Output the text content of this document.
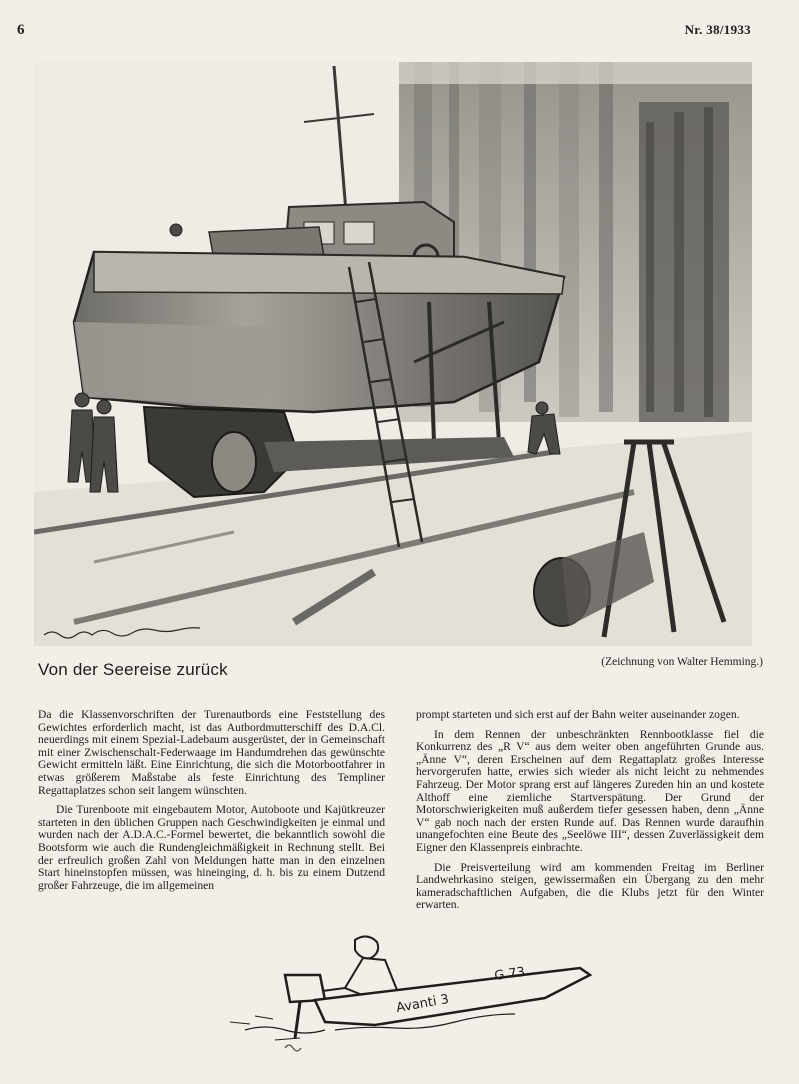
6	Nr. 38/1933
Von der Seereise zurück	(Zeichnung von Walter Hemming.)

Da die Klassenvorschriften der Turenautbords eine Feststellung des Gewichtes erforderlich macht, ist das Autbordmutterschiff des D.A.Cl. neuerdings mit einem Spezial-Ladebaum ausgerüstet, der in Gemeinschaft mit einer Zwischenschalt-Federwaage im Handumdrehen das gewünschte Gewicht ermitteln läßt. Eine Einrichtung, die sich die Motorbootfahrer in etwas größerem Maßstabe als feste Einrichtung des Templiner Regattaplatzes schon seit langem wünschten.

Die Turenboote mit eingebautem Motor, Autoboote und Kajütkreuzer starteten in den üblichen Gruppen nach Geschwindigkeiten je einmal und wurden nach der A.D.A.C.-Formel bewertet, die bekanntlich sowohl die Bootsform wie auch die Rundengleichmäßigkeit in Rechnung stellt. Bei der erfreulich großen Zahl von Meldungen hatte man in den einzelnen Start hineinstopfen müssen, was hineinging, d. h. bis zu einem Dutzend großer Fahrzeuge, die im allgemeinen

prompt starteten und sich erst auf der Bahn weiter auseinander zogen.

In dem Rennen der unbeschränkten Rennbootklasse fiel die Konkurrenz des „R V“ aus dem weiter oben angeführten Grunde aus. „Änne V“, deren Erscheinen auf dem Regattaplatz großes Interesse hervorgerufen hatte, erwies sich wieder als nicht leicht zu nehmendes Fahrzeug. Der Motor sprang erst auf längeres Zureden hin an und kostete Althoff eine ziemliche Startverspätung. Der Grund der Motorschwierigkeiten muß außerdem tiefer gesessen haben, denn „Änne V“ gab noch nach der ersten Runde auf. Das Rennen wurde daraufhin unangefochten eine Beute des „Seelöwe III“, dessen Zuverlässigkeit dem Eigner den Klassenpreis einbrachte.

Die Preisverteilung wird am kommenden Freitag im Berliner Landwehrkasino steigen, gewissermaßen ein Übergang zu den mehr kameradschaftlichen Aufgaben, die die Klubs jetzt für den Winter erwarten.

Avanti 3
G 73
